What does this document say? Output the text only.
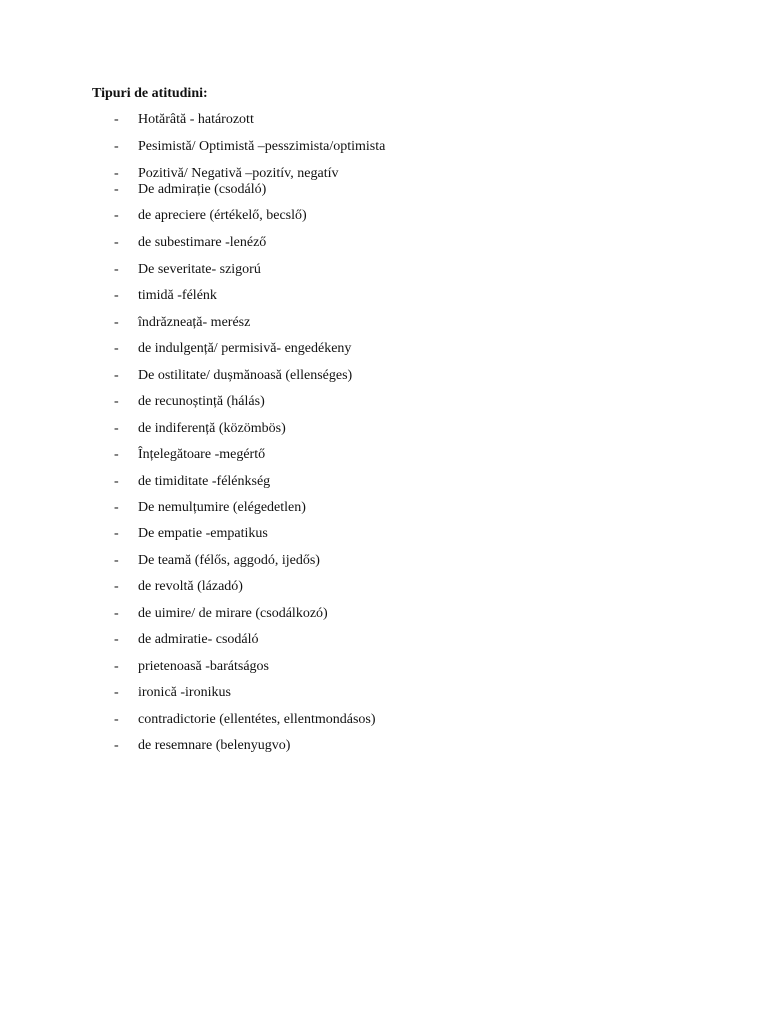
Tipuri de atitudini:
- Hotărâtă - határozott
- Pesimistă/ Optimistă –pesszimista/optimista
- Pozitivă/ Negativă –pozitív, negatív
- De admirație (csodáló)
- de apreciere (értékelő, becslő)
- de subestimare -lenéző
- De severitate- szigorú
- timidă -félénk
- îndrăzneață- merész
- de indulgență/ permisivă- engedékeny
- De ostilitate/ dușmănoasă (ellenséges)
- de recunoștință (hálás)
- de indiferență (közömbös)
- Înțelegătoare -megértő
- de timiditate -félénkség
- De nemulțumire (elégedetlen)
- De empatie -empatikus
- De teamă (félős, aggodó, ijedős)
- de revoltă (lázadó)
- de uimire/ de mirare (csodálkozó)
- de admiratie- csodáló
- prietenoasă -barátságos
- ironică -ironikus
- contradictorie (ellentétes, ellentmondásos)
- de resemnare (belenyugvo)
